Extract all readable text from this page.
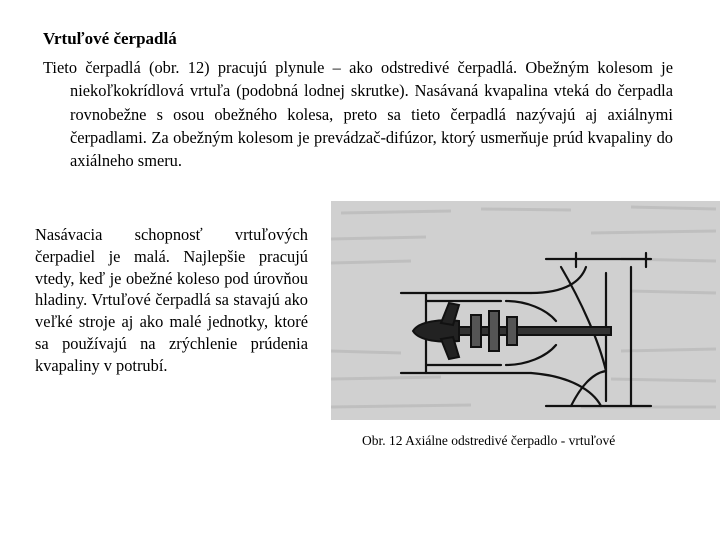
Vrtuľové čerpadlá

Tieto čerpadlá (obr. 12) pracujú plynule – ako odstredivé čerpadlá. Obežným kolesom je niekoľkokrídlová vrtuľa (podobná lodnej skrutke). Nasávaná kvapalina vteká do čerpadla rovnobežne s osou obežného kolesa, preto sa tieto čerpadlá nazývajú aj axiálnymi čerpadlami. Za obežným kolesom je prevádzač-difúzor, ktorý usmerňuje prúd kvapaliny do axiálneho smeru.

Nasávacia schopnosť vrtuľových čerpadiel je malá. Najlepšie pracujú vtedy, keď je obežné koleso pod úrovňou hladiny. Vrtuľové čerpadlá sa stavajú ako veľké stroje aj ako malé jednotky, ktoré sa používajú na zrýchlenie prúdenia kvapaliny v potrubí.

Obr. 12 Axiálne odstredivé čerpadlo - vrtuľové
